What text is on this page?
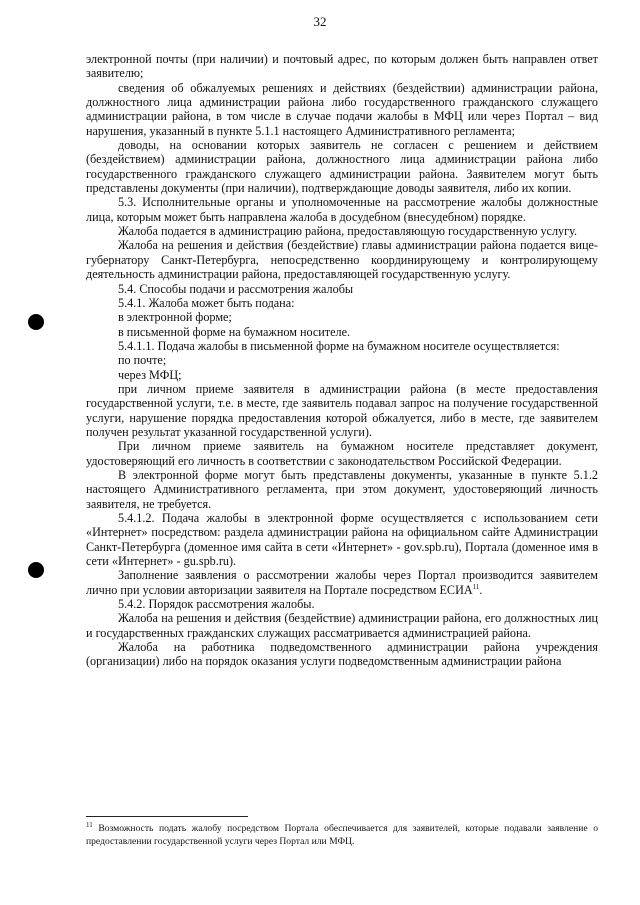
32

электронной почты (при наличии) и почтовый адрес, по которым должен быть направлен ответ заявителю;

сведения об обжалуемых решениях и действиях (бездействии) администрации района, должностного лица администрации района либо государственного гражданского служащего администрации района, в том числе в случае подачи жалобы в МФЦ или через Портал – вид нарушения, указанный в пункте 5.1.1 настоящего Административного регламента;

доводы, на основании которых заявитель не согласен с решением и действием (бездействием) администрации района, должностного лица администрации района либо государственного гражданского служащего администрации района. Заявителем могут быть представлены документы (при наличии), подтверждающие доводы заявителя, либо их копии.

5.3. Исполнительные органы и уполномоченные на рассмотрение жалобы должностные лица, которым может быть направлена жалоба в досудебном (внесудебном) порядке.

Жалоба подается в администрацию района, предоставляющую государственную услугу.

Жалоба на решения и действия (бездействие) главы администрации района подается вице-губернатору Санкт-Петербурга, непосредственно координирующему и контролирующему деятельность администрации района, предоставляющей государственную услугу.

5.4. Способы подачи и рассмотрения жалобы

5.4.1. Жалоба может быть подана:

в электронной форме;

в письменной форме на бумажном носителе.

5.4.1.1. Подача жалобы в письменной форме на бумажном носителе осуществляется:

по почте;

через МФЦ;

при личном приеме заявителя в администрации района (в месте предоставления государственной услуги, т.е. в месте, где заявитель подавал запрос на получение государственной услуги, нарушение порядка предоставления которой обжалуется, либо в месте, где заявителем получен результат указанной государственной услуги).

При личном приеме заявитель на бумажном носителе представляет документ, удостоверяющий его личность в соответствии с законодательством Российской Федерации.

В электронной форме могут быть представлены документы, указанные в пункте 5.1.2 настоящего Административного регламента, при этом документ, удостоверяющий личность заявителя, не требуется.

5.4.1.2. Подача жалобы в электронной форме осуществляется с использованием сети «Интернет» посредством: раздела администрации района на официальном сайте Администрации Санкт-Петербурга (доменное имя сайта в сети «Интернет» - gov.spb.ru), Портала (доменное имя в сети «Интернет» - gu.spb.ru).

Заполнение заявления о рассмотрении жалобы через Портал производится заявителем лично при условии авторизации заявителя на Портале посредством ЕСИА$^{11}$.

5.4.2. Порядок рассмотрения жалобы.

Жалоба на решения и действия (бездействие) администрации района, его должностных лиц и государственных гражданских служащих рассматривается администрацией района.

Жалоба на работника подведомственного администрации района учреждения (организации) либо на порядок оказания услуги подведомственным администрации района

$^{11}$ Возможность подать жалобу посредством Портала обеспечивается для заявителей, которые подавали заявление о предоставлении государственной услуги через Портал или МФЦ.
